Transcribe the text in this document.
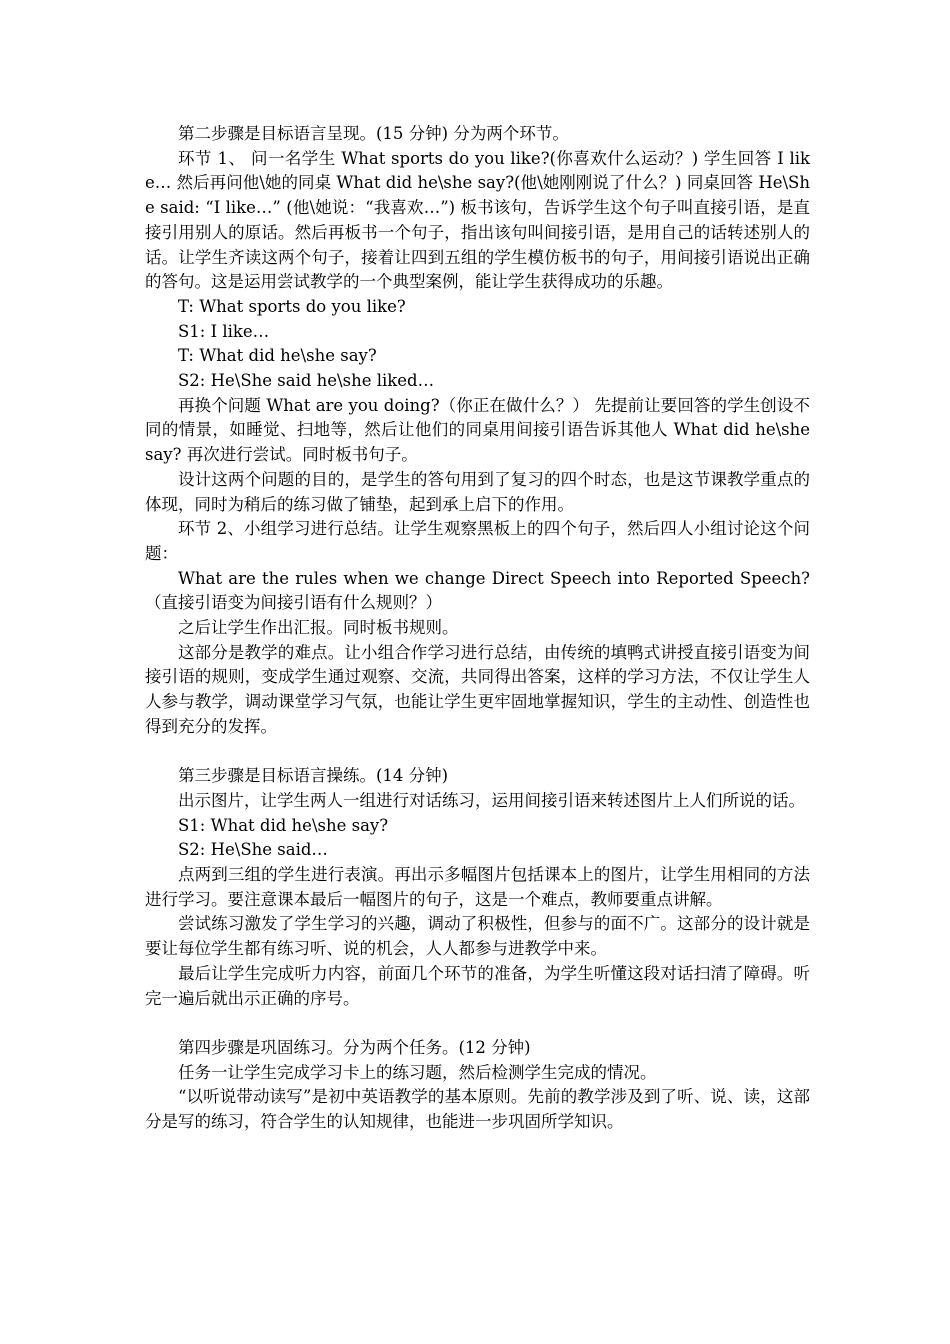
第二步骤是目标语言呈现。(15 分钟) 分为两个环节。

环节 1、 问一名学生 What sports do you like?(你喜欢什么运动？) 学生回答 I like… 然后再问他\她的同桌 What did he\she say?(他\她刚刚说了什么？) 同桌回答 He\She said: “I like…” (他\她说：“我喜欢…”) 板书该句，告诉学生这个句子叫直接引语，是直接引用别人的原话。然后再板书一个句子，指出该句叫间接引语，是用自己的话转述别人的话。让学生齐读这两个句子，接着让四到五组的学生模仿板书的句子，用间接引语说出正确的答句。这是运用尝试教学的一个典型案例，能让学生获得成功的乐趣。

T: What sports do you like?

S1: I like…

T: What did he\she say?

S2: He\She said he\she liked…

再换个问题 What are you doing?（你正在做什么？） 先提前让要回答的学生创设不同的情景，如睡觉、扫地等，然后让他们的同桌用间接引语告诉其他人 What did he\she say? 再次进行尝试。同时板书句子。

设计这两个问题的目的，是学生的答句用到了复习的四个时态，也是这节课教学重点的体现，同时为稍后的练习做了铺垫，起到承上启下的作用。

环节 2、小组学习进行总结。让学生观察黑板上的四个句子，然后四人小组讨论这个问题：

What are the rules when we change Direct Speech into Reported Speech?（直接引语变为间接引语有什么规则？）

之后让学生作出汇报。同时板书规则。

这部分是教学的难点。让小组合作学习进行总结，由传统的填鸭式讲授直接引语变为间接引语的规则，变成学生通过观察、交流，共同得出答案，这样的学习方法，不仅让学生人人参与教学，调动课堂学习气氛，也能让学生更牢固地掌握知识，学生的主动性、创造性也得到充分的发挥。

第三步骤是目标语言操练。(14 分钟)

出示图片，让学生两人一组进行对话练习，运用间接引语来转述图片上人们所说的话。

S1: What did he\she say?

S2: He\She said…

点两到三组的学生进行表演。再出示多幅图片包括课本上的图片，让学生用相同的方法进行学习。要注意课本最后一幅图片的句子，这是一个难点，教师要重点讲解。

尝试练习激发了学生学习的兴趣，调动了积极性，但参与的面不广。这部分的设计就是要让每位学生都有练习听、说的机会，人人都参与进教学中来。

最后让学生完成听力内容，前面几个环节的准备，为学生听懂这段对话扫清了障碍。听完一遍后就出示正确的序号。

第四步骤是巩固练习。分为两个任务。(12 分钟)

任务一让学生完成学习卡上的练习题，然后检测学生完成的情况。

“以听说带动读写”是初中英语教学的基本原则。先前的教学涉及到了听、说、读，这部分是写的练习，符合学生的认知规律，也能进一步巩固所学知识。
